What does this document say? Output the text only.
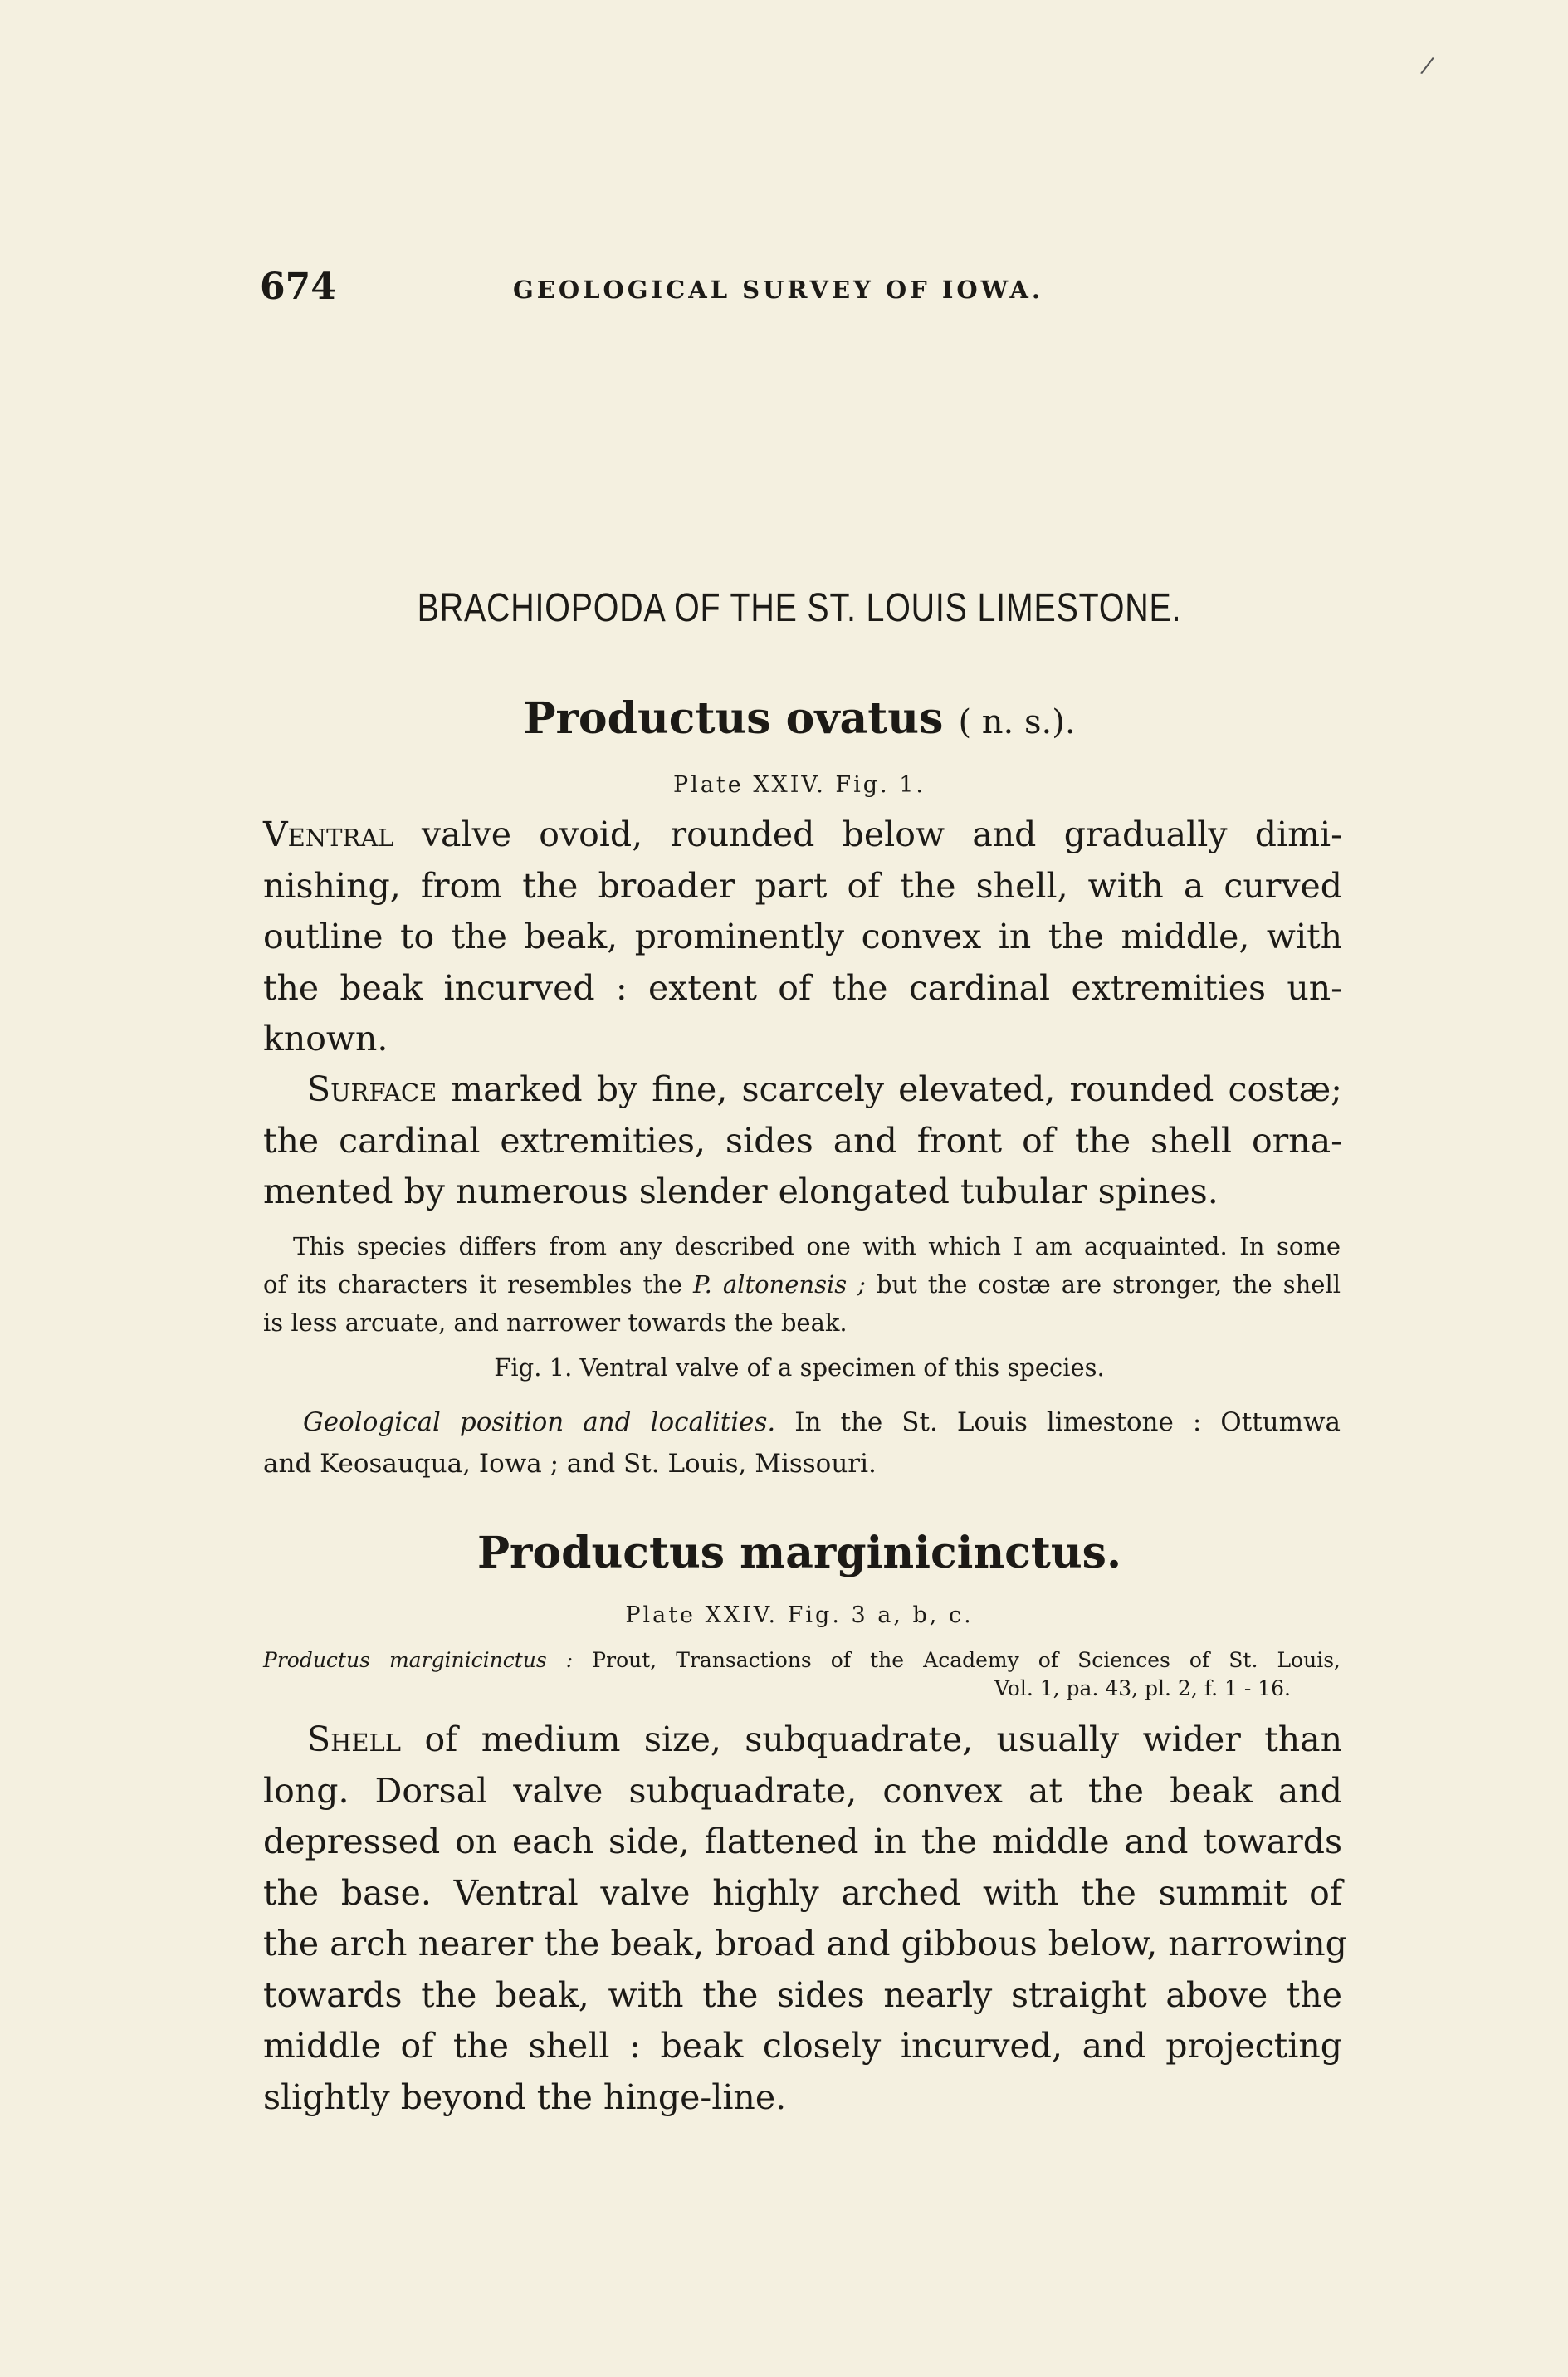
∕
674	GEOLOGICAL SURVEY OF IOWA.
BRACHIOPODA OF THE ST. LOUIS LIMESTONE.
Productus ovatus ( n. s.).
Plate XXIV. Fig. 1.
Ventral valve ovoid, rounded below and gradually dimi-
nishing, from the broader part of the shell, with a curved
outline to the beak, prominently convex in the middle, with
the beak incurved : extent of the cardinal extremities un-
known.
Surface marked by fine, scarcely elevated, rounded costæ;
the cardinal extremities, sides and front of the shell orna-
mented by numerous slender elongated tubular spines.
This species differs from any described one with which I am acquainted. In some
of its characters it resembles the P. altonensis ; but the costæ are stronger, the shell
is less arcuate, and narrower towards the beak.
Fig. 1. Ventral valve of a specimen of this species.
Geological position and localities. In the St. Louis limestone : Ottumwa
and Keosauqua, Iowa ; and St. Louis, Missouri.
Productus marginicinctus.
Plate XXIV. Fig. 3 a, b, c.
Productus marginicinctus : Prout, Transactions of the Academy of Sciences of St. Louis,
Vol. 1, pa. 43, pl. 2, f. 1 - 16.
Shell of medium size, subquadrate, usually wider than
long. Dorsal valve subquadrate, convex at the beak and
depressed on each side, flattened in the middle and towards
the base. Ventral valve highly arched with the summit of
the arch nearer the beak, broad and gibbous below, narrowing
towards the beak, with the sides nearly straight above the
middle of the shell : beak closely incurved, and projecting
slightly beyond the hinge-line.
